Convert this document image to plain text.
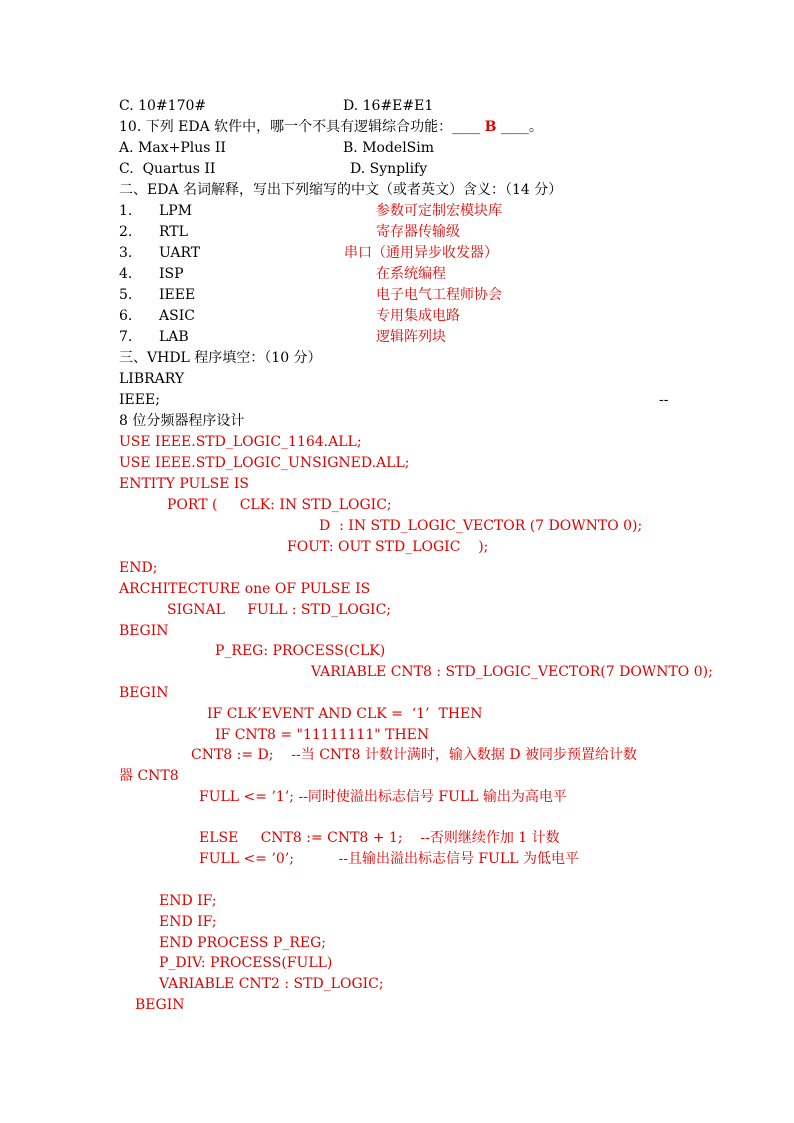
C. 10#170#	D. 16#E#E1
10. 下列 EDA 软件中，哪一个不具有逻辑综合功能：____ B ____。
A. Max+Plus II	B. ModelSim
C.  Quartus II	D. Synplify
二、EDA 名词解释，写出下列缩写的中文（或者英文）含义：（14 分）
1. LPM	参数可定制宏模块库
2. RTL	寄存器传输级
3. UART	串口（通用异步收发器）
4. ISP	在系统编程
5. IEEE	电子电气工程师协会
6. ASIC	专用集成电路
7. LAB	逻辑阵列块
三、VHDL 程序填空：（10 分）
LIBRARY
IEEE;	--
8 位分频器程序设计
USE IEEE.STD_LOGIC_1164.ALL;
USE IEEE.STD_LOGIC_UNSIGNED.ALL;
ENTITY PULSE IS
PORT (     CLK: IN STD_LOGIC;
D  : IN STD_LOGIC_VECTOR (7 DOWNTO 0);
FOUT: OUT STD_LOGIC    );
END;
ARCHITECTURE one OF PULSE IS
SIGNAL     FULL : STD_LOGIC;
BEGIN
P_REG: PROCESS(CLK)
VARIABLE CNT8 : STD_LOGIC_VECTOR(7 DOWNTO 0);
BEGIN
IF CLK’EVENT AND CLK =  ‘1’  THEN
IF CNT8 = "11111111" THEN
CNT8 := D;    --当 CNT8 计数计满时，输入数据 D 被同步预置给计数
器 CNT8
FULL <= ’1’; --同时使溢出标志信号 FULL 输出为高电平
ELSE     CNT8 := CNT8 + 1;    --否则继续作加 1 计数
FULL <= ’0’;          --且输出溢出标志信号 FULL 为低电平
END IF;
END IF;
END PROCESS P_REG;
P_DIV: PROCESS(FULL)
VARIABLE CNT2 : STD_LOGIC;
BEGIN
